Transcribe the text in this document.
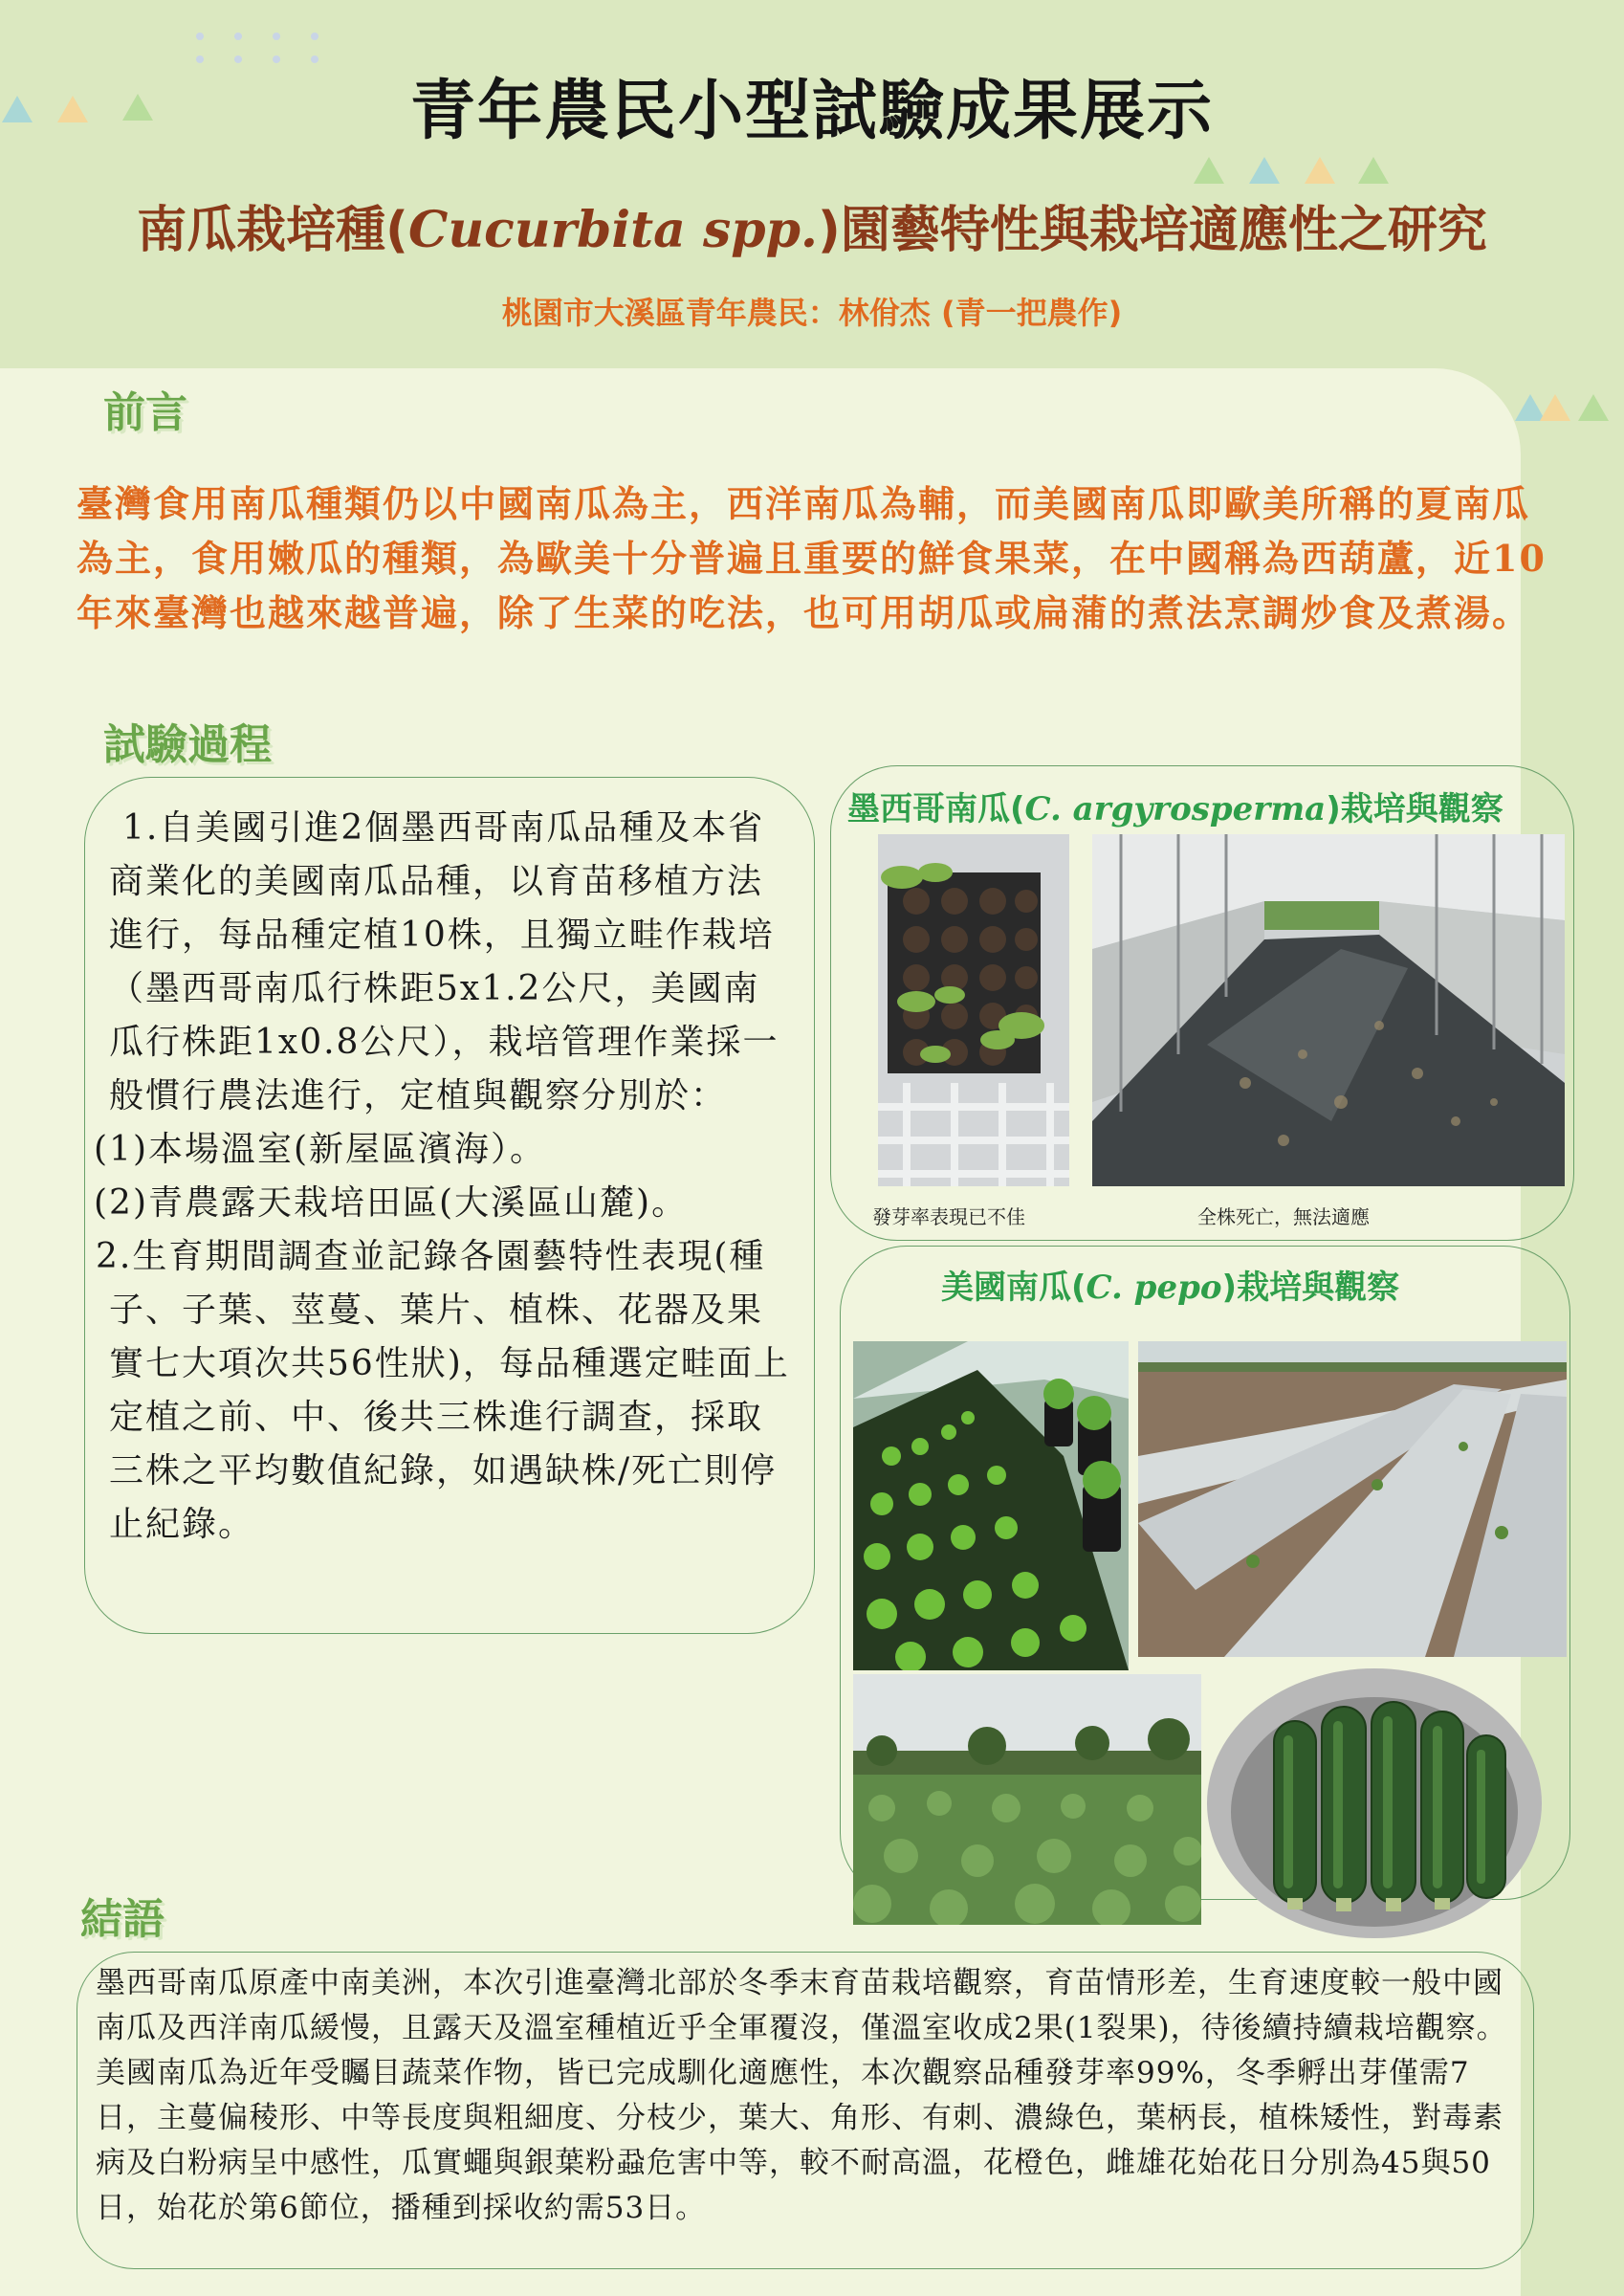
青年農民小型試驗成果展示
南瓜栽培種(Cucurbita spp.)園藝特性與栽培適應性之研究
桃園市大溪區青年農民：林佾杰 (青一把農作)
前言
臺灣食用南瓜種類仍以中國南瓜為主，西洋南瓜為輔，而美國南瓜即歐美所稱的夏南瓜為主，食用嫩瓜的種類，為歐美十分普遍且重要的鮮食果菜，在中國稱為西葫蘆，近10年來臺灣也越來越普遍，除了生菜的吃法，也可用胡瓜或扁蒲的煮法烹調炒食及煮湯。
試驗過程
1.自美國引進2個墨西哥南瓜品種及本省商業化的美國南瓜品種，以育苗移植方法進行，每品種定植10株，且獨立畦作栽培（墨西哥南瓜行株距5x1.2公尺，美國南瓜行株距1x0.8公尺），栽培管理作業採一般慣行農法進行，定植與觀察分別於：
(1)本場溫室(新屋區濱海）。
(2)青農露天栽培田區(大溪區山麓)。
2.生育期間調查並記錄各園藝特性表現(種子、子葉、莖蔓、葉片、植株、花器及果實七大項次共56性狀)，每品種選定畦面上定植之前、中、後共三株進行調查，採取三株之平均數值紀錄，如遇缺株/死亡則停止紀錄。
墨西哥南瓜(C. argyrosperma)栽培與觀察
發芽率表現已不佳	全株死亡，無法適應
美國南瓜(C. pepo)栽培與觀察
結語
墨西哥南瓜原產中南美洲，本次引進臺灣北部於冬季末育苗栽培觀察，育苗情形差，生育速度較一般中國南瓜及西洋南瓜緩慢，且露天及溫室種植近乎全軍覆沒，僅溫室收成2果(1裂果)，待後續持續栽培觀察。
美國南瓜為近年受矚目蔬菜作物，皆已完成馴化適應性，本次觀察品種發芽率99%，冬季孵出芽僅需7日，主蔓偏稜形、中等長度與粗細度、分枝少，葉大、角形、有刺、濃綠色，葉柄長，植株矮性，對毒素病及白粉病呈中感性，瓜實蠅與銀葉粉蝨危害中等，較不耐高溫，花橙色，雌雄花始花日分別為45與50日，始花於第6節位，播種到採收約需53日。
